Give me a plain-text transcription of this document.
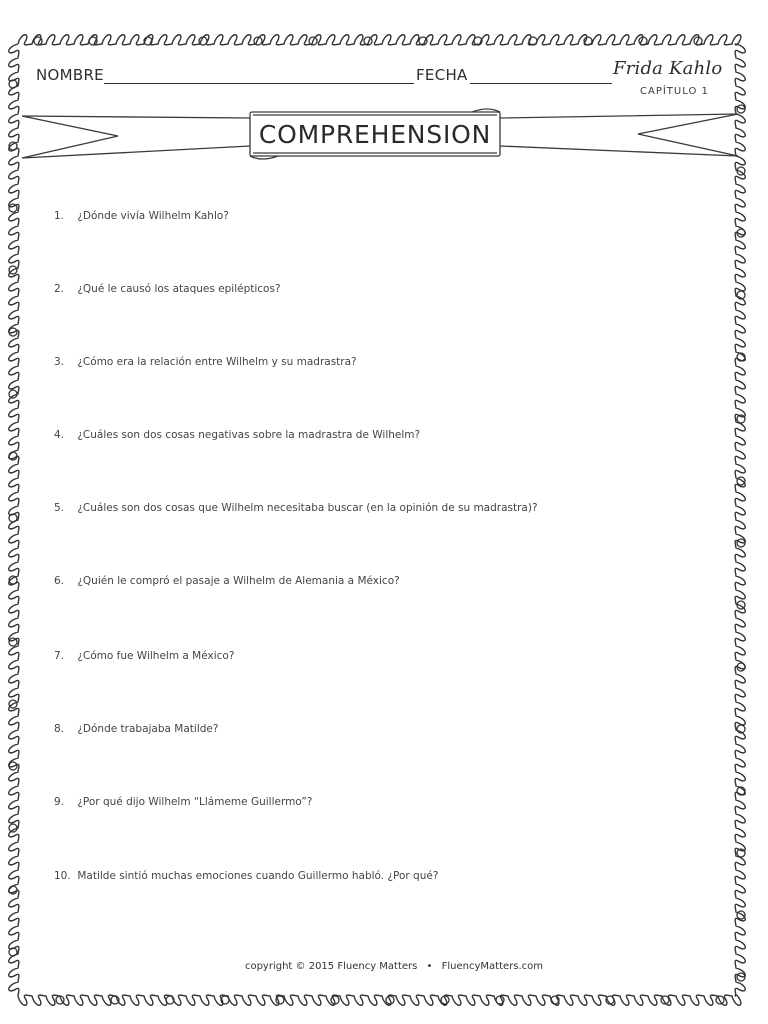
NOMBRE	FECHA	Frida Kahlo
CAPÍTULO 1
COMPREHENSION
1. ¿Dónde vivía Wilhelm Kahlo?
2. ¿Qué le causó los ataques epilépticos?
3. ¿Cómo era la relación entre Wilhelm y su madrastra?
4. ¿Cuáles son dos cosas negativas sobre la madrastra de Wilhelm?
5. ¿Cuáles son dos cosas que Wilhelm necesitaba buscar (en la opinión de su madrastra)?
6. ¿Quién le compró el pasaje a Wilhelm de Alemania a México?
7. ¿Cómo fue Wilhelm a México?
8. ¿Dónde trabajaba Matilde?
9. ¿Por qué dijo Wilhelm “Llámeme Guillermo”?
10. Matilde sintió muchas emociones cuando Guillermo habló. ¿Por qué?
copyright © 2015 Fluency Matters • FluencyMatters.com
